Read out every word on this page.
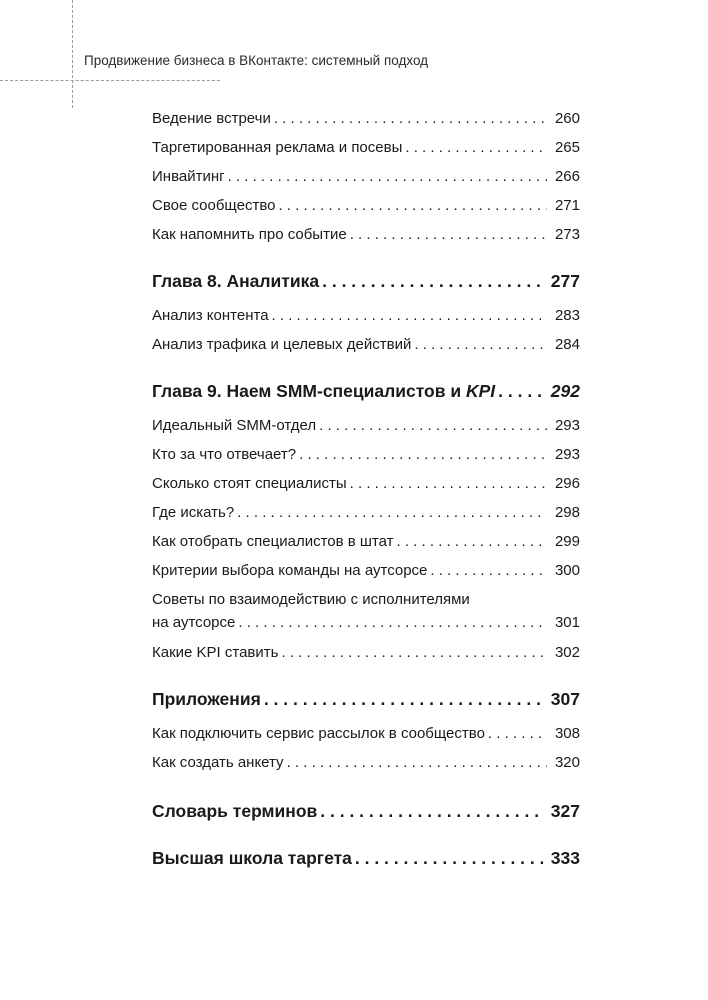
Продвижение бизнеса в ВКонтакте: системный подход
Ведение встречи . . .	260
Таргетированная реклама и посевы . . .	265
Инвайтинг . . .	266
Свое сообщество . . .	271
Как напомнить про событие . . .	273
Глава 8. Аналитика . . .	277
Анализ контента . . .	283
Анализ трафика и целевых действий . . .	284
Глава 9. Наем SMM-специалистов и KPI . . .	292
Идеальный SMM-отдел . . .	293
Кто за что отвечает? . . .	293
Сколько стоят специалисты . . .	296
Где искать? . . .	298
Как отобрать специалистов в штат . . .	299
Критерии выбора команды на аутсорсе . . .	300
Советы по взаимодействию с исполнителями
на аутсорсе . . .	301
Какие KPI ставить . . .	302
Приложения . . .	307
Как подключить сервис рассылок в сообщество . . .	308
Как создать анкету . . .	320
Словарь терминов . . .	327
Высшая школа таргета . . .	333
